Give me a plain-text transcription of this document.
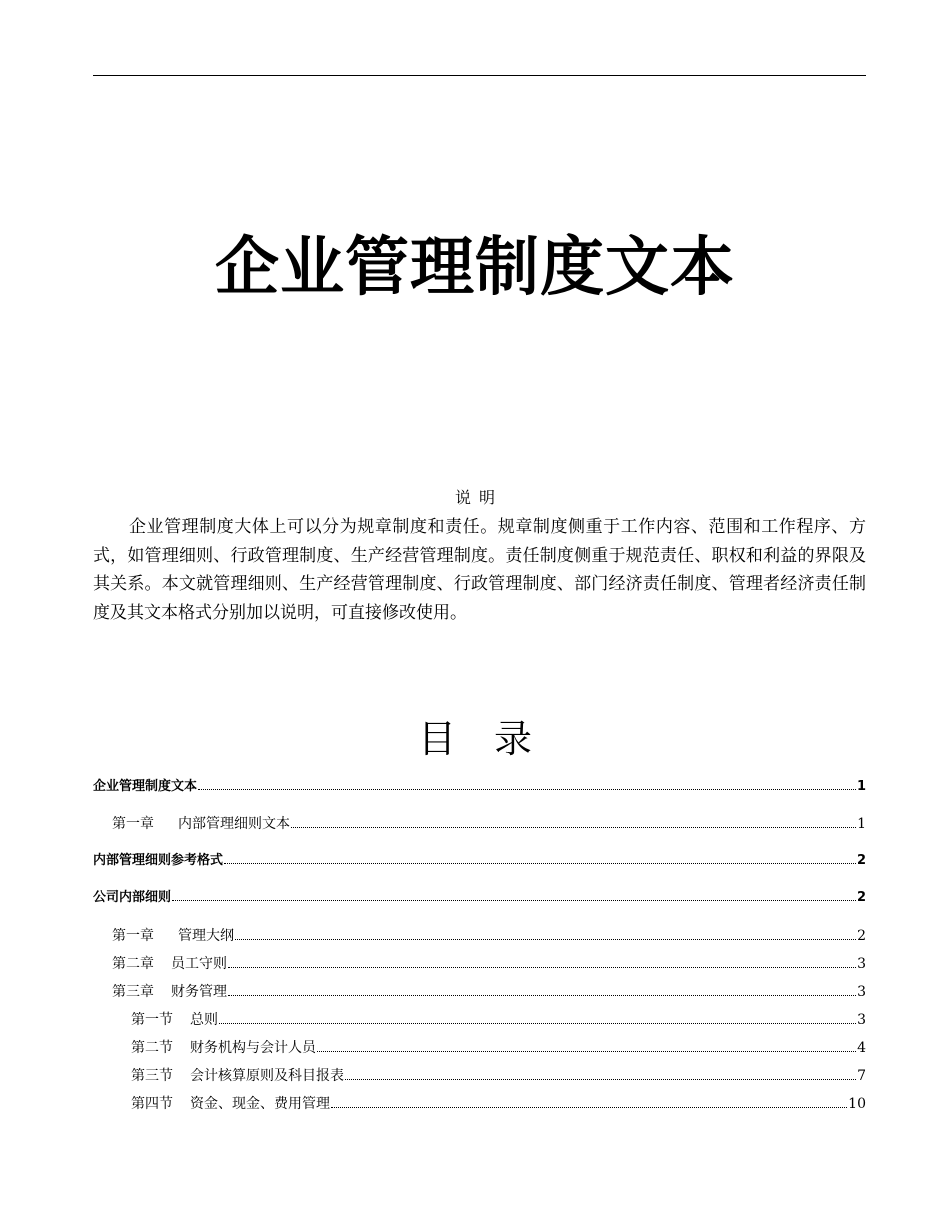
企业管理制度文本
说明

企业管理制度大体上可以分为规章制度和责任。规章制度侧重于工作内容、范围和工作程序、方式，如管理细则、行政管理制度、生产经营管理制度。责任制度侧重于规范责任、职权和利益的界限及其关系。本文就管理细则、生产经营管理制度、行政管理制度、部门经济责任制度、管理者经济责任制度及其文本格式分别加以说明，可直接修改使用。

目录
企业管理制度文本	1
第一章 内部管理细则文本	1
内部管理细则参考格式	2
公司内部细则	2
第一章 管理大纲	2
第二章 员工守则	3
第三章 财务管理	3
第一节 总则	3
第二节 财务机构与会计人员	4
第三节 会计核算原则及科目报表	7
第四节 资金、现金、费用管理	10
